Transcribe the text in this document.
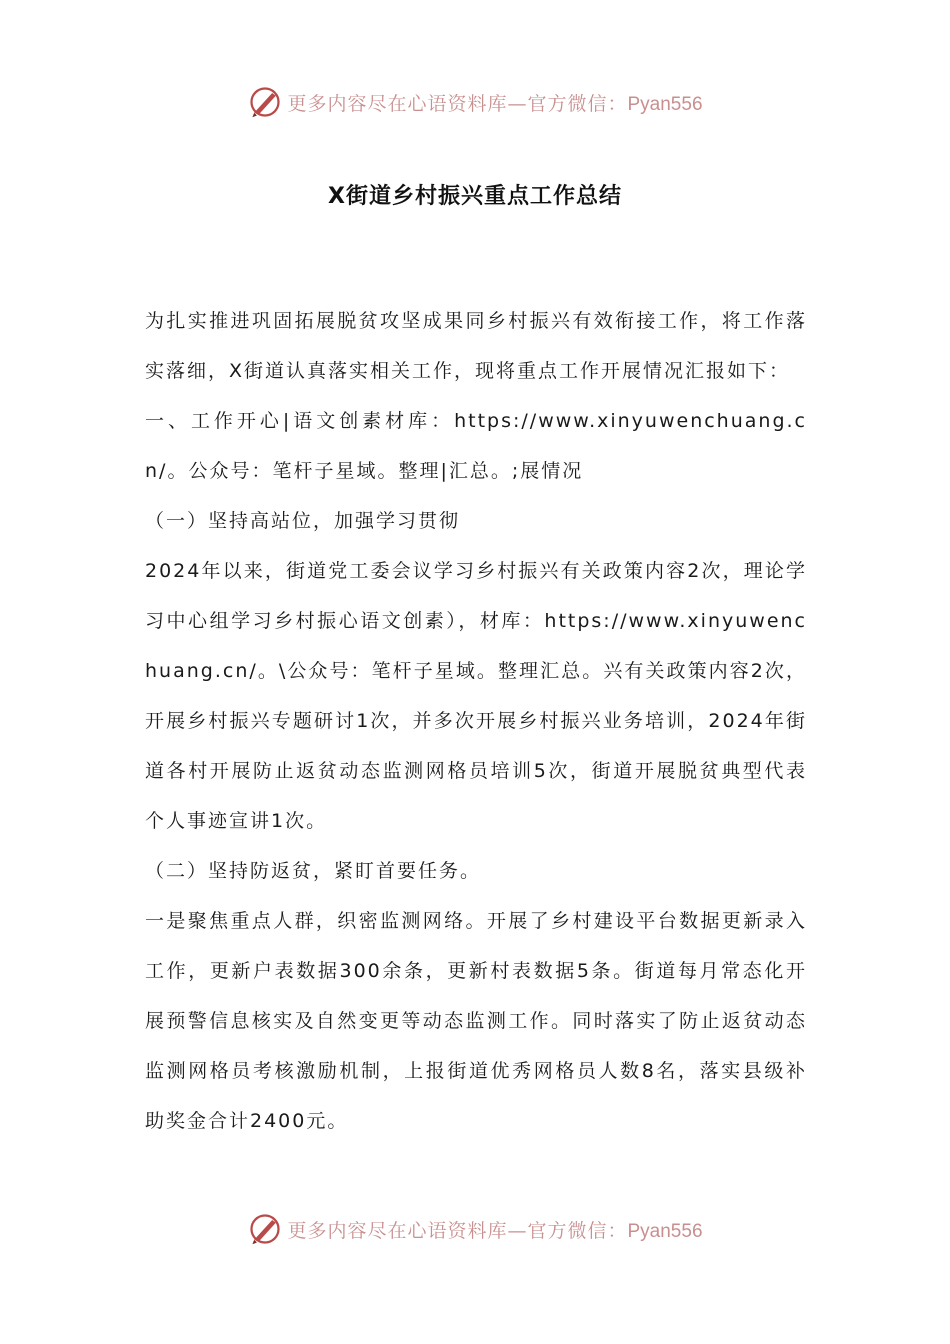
更多内容尽在心语资料库—官方微信：Pyan556
X街道乡村振兴重点工作总结

为扎实推进巩固拓展脱贫攻坚成果同乡村振兴有效衔接工作，将工作落实落细，X街道认真落实相关工作，现将重点工作开展情况汇报如下：

一、工作开心|语文创素材库：https://www.xinyuwenchuang.cn/。公众号：笔杆子星域。整理|汇总。;展情况

（一）坚持高站位，加强学习贯彻

2024年以来，街道党工委会议学习乡村振兴有关政策内容2次，理论学习中心组学习乡村振心语文创素），材库：https://www.xinyuwenchuang.cn/。\公众号：笔杆子星域。整理汇总。兴有关政策内容2次，开展乡村振兴专题研讨1次，并多次开展乡村振兴业务培训，2024年街道各村开展防止返贫动态监测网格员培训5次，街道开展脱贫典型代表个人事迹宣讲1次。

（二）坚持防返贫，紧盯首要任务。

一是聚焦重点人群，织密监测网络。开展了乡村建设平台数据更新录入工作，更新户表数据300余条，更新村表数据5条。街道每月常态化开展预警信息核实及自然变更等动态监测工作。同时落实了防止返贫动态监测网格员考核激励机制，上报街道优秀网格员人数8名，落实县级补助奖金合计2400元。

更多内容尽在心语资料库—官方微信：Pyan556
